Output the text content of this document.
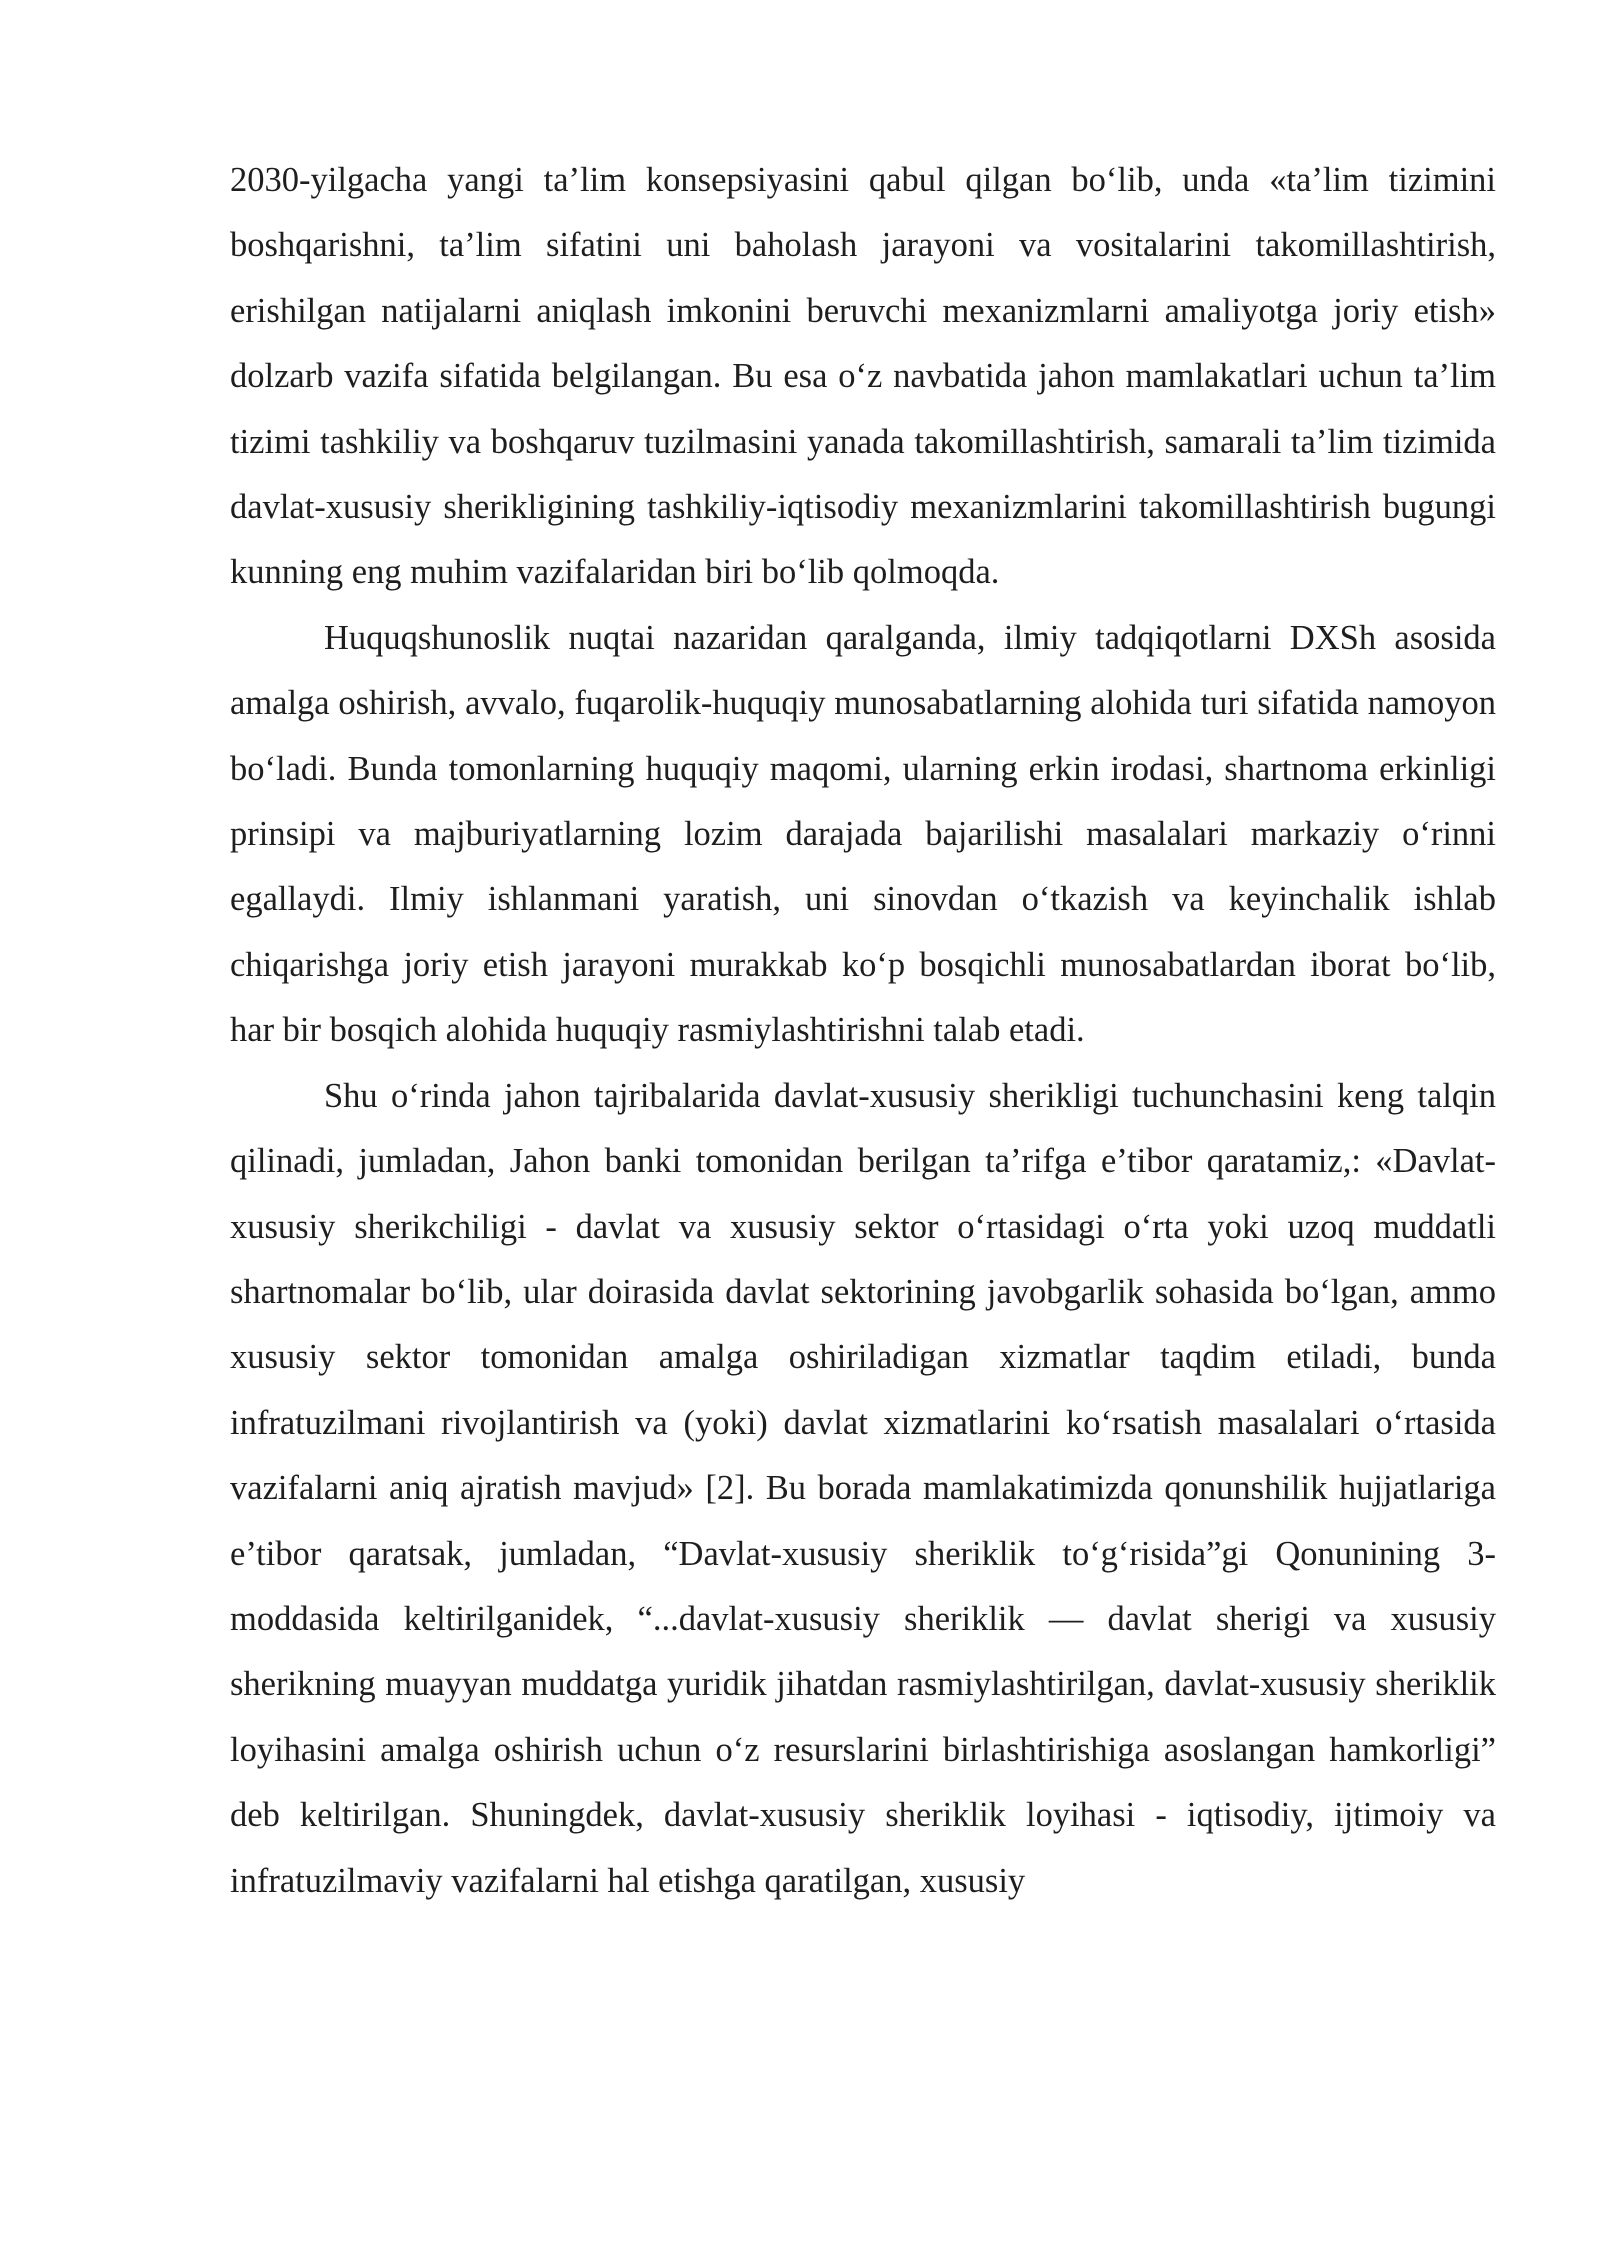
2030-yilgacha yangi ta’lim konsepsiyasini qabul qilgan bo‘lib, unda «ta’lim tizimini boshqarishni, ta’lim sifatini uni baholash jarayoni va vositalarini takomillashtirish, erishilgan natijalarni aniqlash imkonini beruvchi mexanizmlarni amaliyotga joriy etish» dolzarb vazifa sifatida belgilangan. Bu esa o‘z navbatida jahon mamlakatlari uchun ta’lim tizimi tashkiliy va boshqaruv tuzilmasini yanada takomillashtirish, samarali ta’lim tizimida davlat-xususiy sherikligining tashkiliy-iqtisodiy mexanizmlarini takomillashtirish bugungi kunning eng muhim vazifalaridan biri bo‘lib qolmoqda.

Huquqshunoslik nuqtai nazaridan qaralganda, ilmiy tadqiqotlarni DXSh asosida amalga oshirish, avvalo, fuqarolik-huquqiy munosabatlarning alohida turi sifatida namoyon bo‘ladi. Bunda tomonlarning huquqiy maqomi, ularning erkin irodasi, shartnoma erkinligi prinsipi va majburiyatlarning lozim darajada bajarilishi masalalari markaziy o‘rinni egallaydi. Ilmiy ishlanmani yaratish, uni sinovdan o‘tkazish va keyinchalik ishlab chiqarishga joriy etish jarayoni murakkab ko‘p bosqichli munosabatlardan iborat bo‘lib, har bir bosqich alohida huquqiy rasmiylashtirishni talab etadi.

Shu o‘rinda jahon tajribalarida davlat-xususiy sherikligi tuchunchasini keng talqin qilinadi, jumladan, Jahon banki tomonidan berilgan ta’rifga e’tibor qaratamiz,: «Davlat-xususiy sherikchiligi - davlat va xususiy sektor o‘rtasidagi o‘rta yoki uzoq muddatli shartnomalar bo‘lib, ular doirasida davlat sektorining javobgarlik sohasida bo‘lgan, ammo xususiy sektor tomonidan amalga oshiriladigan xizmatlar taqdim etiladi, bunda infratuzilmani rivojlantirish va (yoki) davlat xizmatlarini ko‘rsatish masalalari o‘rtasida vazifalarni aniq ajratish mavjud» [2]. Bu borada mamlakatimizda qonunshilik hujjatlariga e’tibor qaratsak, jumladan, “Davlat-xususiy sheriklik to‘g‘risida”gi Qonunining 3-moddasida keltirilganidek, “...davlat-xususiy sheriklik — davlat sherigi va xususiy sherikning muayyan muddatga yuridik jihatdan rasmiylashtirilgan, davlat-xususiy sheriklik loyihasini amalga oshirish uchun o‘z resurslarini birlashtirishiga asoslangan hamkorligi” deb keltirilgan. Shuningdek, davlat-xususiy sheriklik loyihasi - iqtisodiy, ijtimoiy va infratuzilmaviy vazifalarni hal etishga qaratilgan, xususiy
